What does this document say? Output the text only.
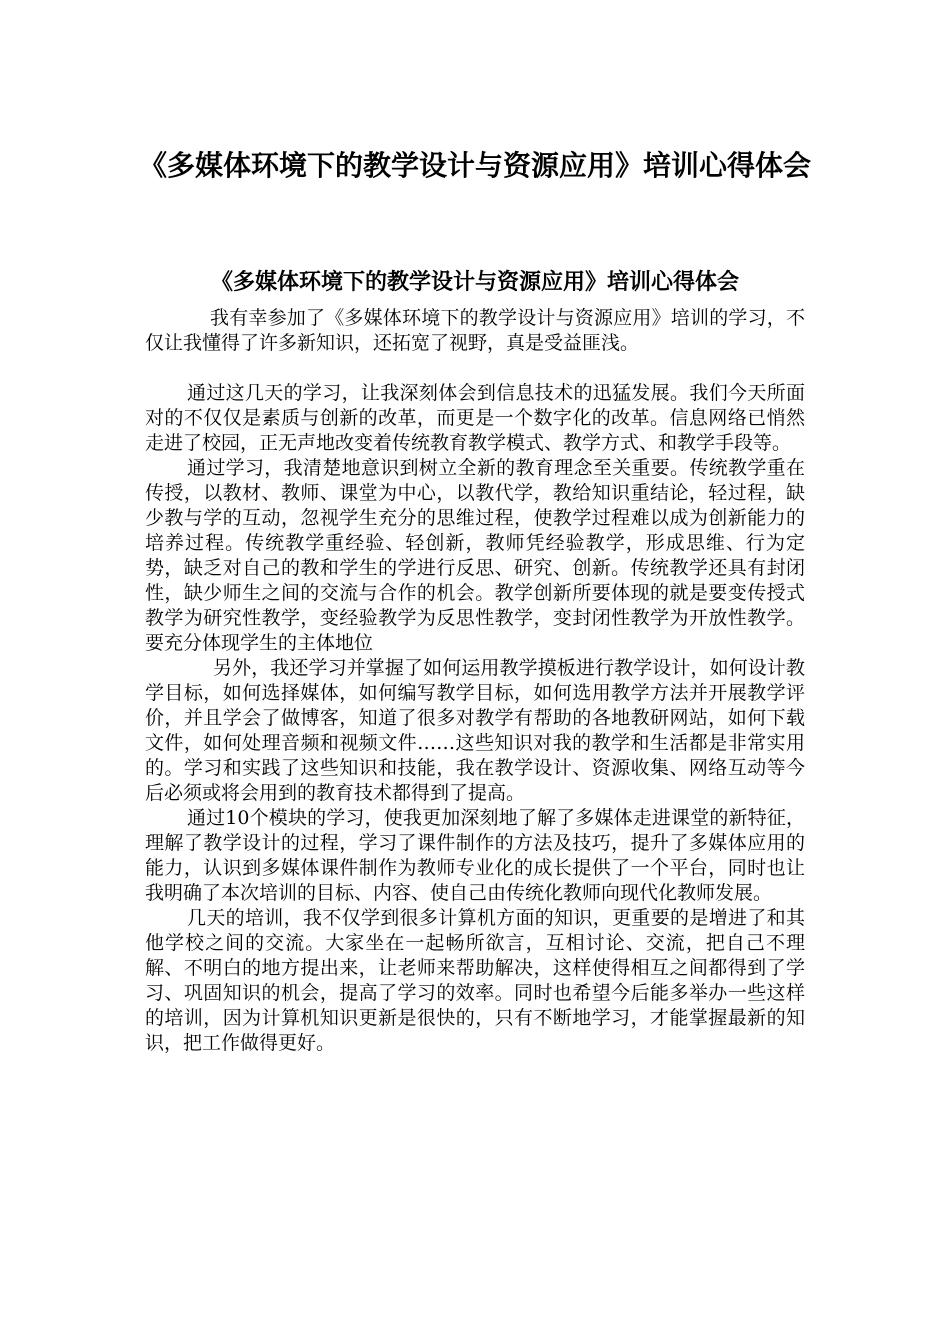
《多媒体环境下的教学设计与资源应用》培训心得体会
《多媒体环境下的教学设计与资源应用》培训心得体会

我有幸参加了《多媒体环境下的教学设计与资源应用》培训的学习，不仅让我懂得了许多新知识，还拓宽了视野，真是受益匪浅。

通过这几天的学习，让我深刻体会到信息技术的迅猛发展。我们今天所面对的不仅仅是素质与创新的改革，而更是一个数字化的改革。信息网络已悄然走进了校园，正无声地改变着传统教育教学模式、教学方式、和教学手段等。

通过学习，我清楚地意识到树立全新的教育理念至关重要。传统教学重在传授，以教材、教师、课堂为中心，以教代学，教给知识重结论，轻过程，缺少教与学的互动，忽视学生充分的思维过程，使教学过程难以成为创新能力的培养过程。传统教学重经验、轻创新，教师凭经验教学，形成思维、行为定势，缺乏对自己的教和学生的学进行反思、研究、创新。传统教学还具有封闭性，缺少师生之间的交流与合作的机会。教学创新所要体现的就是要变传授式教学为研究性教学，变经验教学为反思性教学，变封闭性教学为开放性教学。要充分体现学生的主体地位

另外，我还学习并掌握了如何运用教学摸板进行教学设计，如何设计教学目标，如何选择媒体，如何编写教学目标，如何选用教学方法并开展教学评价，并且学会了做博客，知道了很多对教学有帮助的各地教研网站，如何下载文件，如何处理音频和视频文件……这些知识对我的教学和生活都是非常实用的。学习和实践了这些知识和技能，我在教学设计、资源收集、网络互动等今后必须或将会用到的教育技术都得到了提高。

通过10个模块的学习，使我更加深刻地了解了多媒体走进课堂的新特征，理解了教学设计的过程，学习了课件制作的方法及技巧，提升了多媒体应用的能力，认识到多媒体课件制作为教师专业化的成长提供了一个平台，同时也让我明确了本次培训的目标、内容、使自己由传统化教师向现代化教师发展。

几天的培训，我不仅学到很多计算机方面的知识，更重要的是增进了和其他学校之间的交流。大家坐在一起畅所欲言，互相讨论、交流，把自己不理解、不明白的地方提出来，让老师来帮助解决，这样使得相互之间都得到了学习、巩固知识的机会，提高了学习的效率。同时也希望今后能多举办一些这样的培训，因为计算机知识更新是很快的，只有不断地学习，才能掌握最新的知识，把工作做得更好。
